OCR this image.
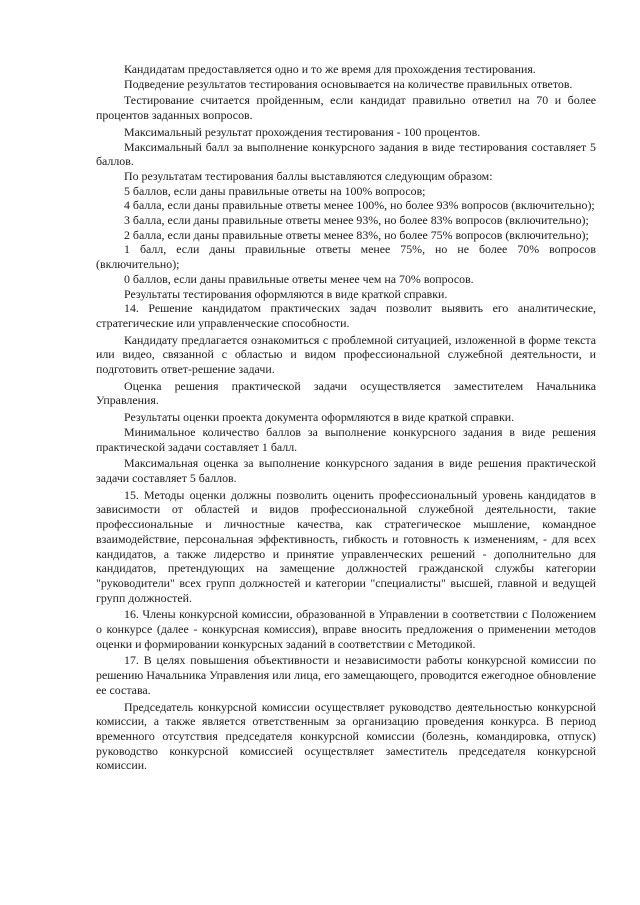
Кандидатам предоставляется одно и то же время для прохождения тестирования.

Подведение результатов тестирования основывается на количестве правильных ответов.

Тестирование считается пройденным, если кандидат правильно ответил на 70 и более процентов заданных вопросов.

Максимальный результат прохождения тестирования - 100 процентов.

Максимальный балл за выполнение конкурсного задания в виде тестирования составляет 5 баллов.

По результатам тестирования баллы выставляются следующим образом:

5 баллов, если даны правильные ответы на 100% вопросов;

4 балла, если даны правильные ответы менее 100%, но более 93% вопросов (включительно);

3 балла, если даны правильные ответы менее 93%, но более 83% вопросов (включительно);

2 балла, если даны правильные ответы менее 83%, но более 75% вопросов (включительно);

1 балл, если даны правильные ответы менее 75%, но не более 70% вопросов (включительно);

0 баллов, если даны правильные ответы менее чем на 70% вопросов.

Результаты тестирования оформляются в виде краткой справки.

14. Решение кандидатом практических задач позволит выявить его аналитические, стратегические или управленческие способности.

Кандидату предлагается ознакомиться с проблемной ситуацией, изложенной в форме текста или видео, связанной с областью и видом профессиональной служебной деятельности, и подготовить ответ-решение задачи.

Оценка решения практической задачи осуществляется заместителем Начальника Управления.

Результаты оценки проекта документа оформляются в виде краткой справки.

Минимальное количество баллов за выполнение конкурсного задания в виде решения практической задачи составляет 1 балл.

Максимальная оценка за выполнение конкурсного задания в виде решения практической задачи составляет 5 баллов.

15. Методы оценки должны позволить оценить профессиональный уровень кандидатов в зависимости от областей и видов профессиональной служебной деятельности, такие профессиональные и личностные качества, как стратегическое мышление, командное взаимодействие, персональная эффективность, гибкость и готовность к изменениям, - для всех кандидатов, а также лидерство и принятие управленческих решений - дополнительно для кандидатов, претендующих на замещение должностей гражданской службы категории "руководители" всех групп должностей и категории "специалисты" высшей, главной и ведущей групп должностей.

16. Члены конкурсной комиссии, образованной в Управлении в соответствии с Положением о конкурсе (далее - конкурсная комиссия), вправе вносить предложения о применении методов оценки и формировании конкурсных заданий в соответствии с Методикой.

17. В целях повышения объективности и независимости работы конкурсной комиссии по решению Начальника Управления или лица, его замещающего, проводится ежегодное обновление ее состава.

Председатель конкурсной комиссии осуществляет руководство деятельностью конкурсной комиссии, а также является ответственным за организацию проведения конкурса. В период временного отсутствия председателя конкурсной комиссии (болезнь, командировка, отпуск) руководство конкурсной комиссией осуществляет заместитель председателя конкурсной комиссии.
